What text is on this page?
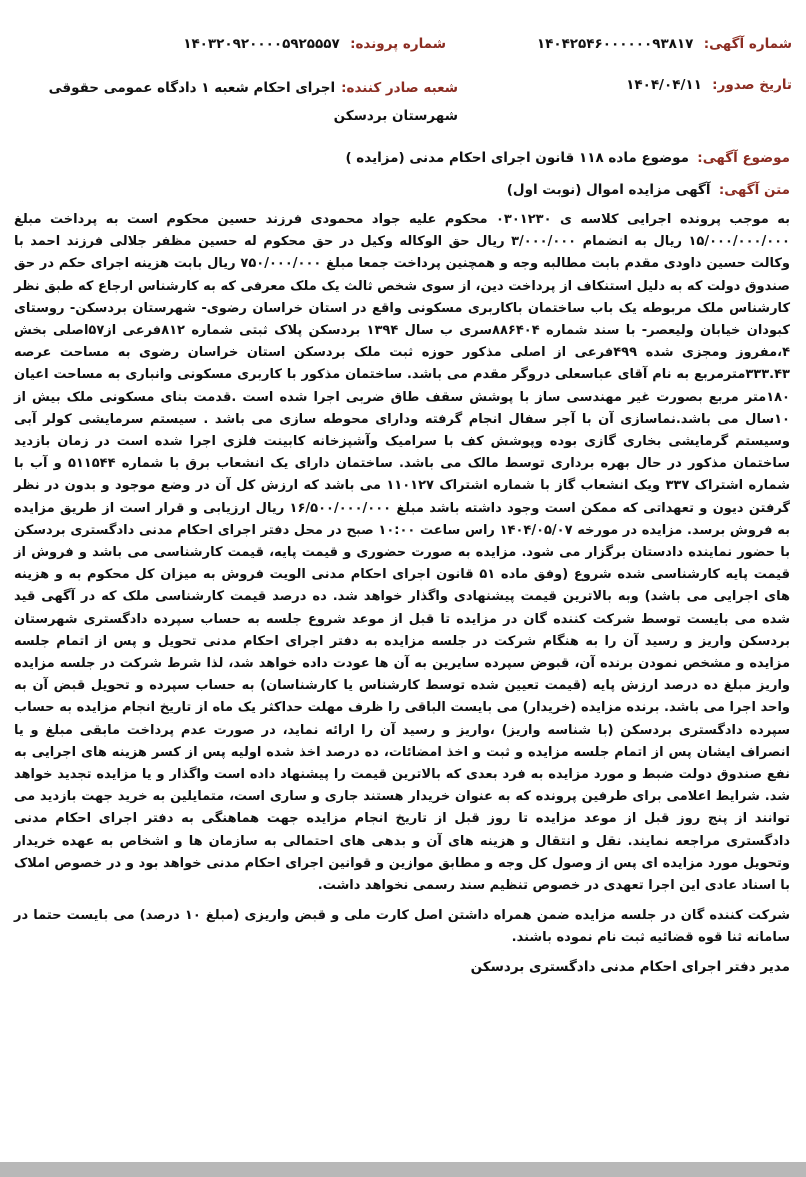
شماره آگهی: ۱۴۰۴۲۵۴۶۰۰۰۰۰۰۹۳۸۱۷
شماره پرونده: ۱۴۰۳۲۰۹۲۰۰۰۰۵۹۲۵۵۵۷
تاریخ صدور: ۱۴۰۴/۰۴/۱۱
شعبه صادر کننده:
اجرای احکام شعبه ۱ دادگاه عمومی حقوقی شهرستان بردسکن
موضوع آگهی: موضوع ماده ۱۱۸ قانون اجرای احکام مدنی (مزایده )
متن آگهی: آگهی مزایده اموال (نوبت اول)

به موجب پرونده اجرایی کلاسه ی ۰۳۰۱۲۳۰ محکوم علیه جواد محمودی فرزند حسین محکوم است به پرداخت مبلغ ۱۵/۰۰۰/۰۰۰/۰۰۰ ریال به انضمام ۳/۰۰۰/۰۰۰ ریال حق الوکاله وکیل در حق محکوم له حسین مظفر جلالی فرزند احمد با وکالت حسین داودی مقدم بابت مطالبه وجه و همچنین پرداخت جمعا مبلغ ۷۵۰/۰۰۰/۰۰۰ ریال بابت هزینه اجرای حکم در حق صندوق دولت که به دلیل استنکاف از پرداخت دین، از سوی شخص ثالث یک ملک معرفی که به کارشناس ارجاع که طبق نظر کارشناس ملک مربوطه یک باب ساختمان باکاربری مسکونی واقع در استان خراسان رضوی- شهرستان بردسکن- روستای کبودان خیابان ولیعصر- با سند شماره ۸۸۶۴۰۴سری ب سال ۱۳۹۴ بردسکن پلاک ثبتی شماره ۸۱۲فرعی از۵۷اصلی بخش ۴،مفروز ومجزی شده ۴۹۹فرعی از اصلی مذکور حوزه ثبت ملک بردسکن استان خراسان رضوی به مساحت عرصه ۳۳۳.۴۳مترمربع به نام آقای عباسعلی دروگر مقدم می باشد. ساختمان مذکور با کاربری مسکونی وانباری به مساحت اعیان ۱۸۰متر مربع بصورت غیر مهندسی ساز با پوشش سقف طاق ضربی اجرا شده است .قدمت بنای مسکونی ملک بیش از ۱۰سال می باشد.نماسازی آن با آجر سفال انجام گرفته ودارای محوطه سازی می باشد . سیستم سرمایشی کولر آبی وسیستم گرمایشی بخاری گازی بوده وپوشش کف با سرامیک وآشپزخانه کابینت فلزی اجرا شده است در زمان بازدید ساختمان مذکور در حال بهره برداری توسط مالک می باشد. ساختمان دارای یک انشعاب برق با شماره ۵۱۱۵۴۴ و آب با شماره اشتراک ۳۳۷ ویک انشعاب گاز با شماره اشتراک ۱۱۰۱۲۷ می باشد که ارزش کل آن در وضع موجود و بدون در نظر گرفتن دیون و تعهداتی که ممکن است وجود داشته باشد مبلغ ۱۶/۵۰۰/۰۰۰/۰۰۰ ریال ارزیابی و قرار است از طریق مزایده به فروش برسد. مزایده در مورخه ۱۴۰۴/۰۵/۰۷ راس ساعت ۱۰:۰۰ صبح در محل دفتر اجرای احکام مدنی دادگستری بردسکن با حضور نماینده دادستان برگزار می شود. مزایده به صورت حضوری و قیمت پایه، قیمت کارشناسی می باشد و فروش از قیمت پایه کارشناسی شده شروع (وفق ماده ۵۱ قانون اجرای احکام مدنی الویت فروش به میزان کل محکوم به و هزینه های اجرایی می باشد) وبه بالاترین قیمت پیشنهادی واگذار خواهد شد. ده درصد قیمت کارشناسی ملک که در آگهی قید شده می بایست توسط شرکت کننده گان در مزایده تا قبل از موعد شروع جلسه به حساب سپرده دادگستری شهرستان بردسکن واریز و رسید آن را به هنگام شرکت در جلسه مزایده به دفتر اجرای احکام مدنی تحویل و پس از اتمام جلسه مزایده و مشخص نمودن برنده آن، قبوض سپرده سایرین به آن ها عودت داده خواهد شد، لذا شرط شرکت در جلسه مزایده واریز مبلغ ده درصد ارزش پایه (قیمت تعیین شده توسط کارشناس یا کارشناسان) به حساب سپرده و تحویل قبض آن به واحد اجرا می باشد. برنده مزایده (خریدار) می بایست الباقی را ظرف مهلت حداکثر یک ماه از تاریخ انجام مزایده به حساب سپرده دادگستری بردسکن (با شناسه واریز) ،واریز و رسید آن را ارائه نماید، در صورت عدم پرداخت مابقی مبلغ و یا انصراف ایشان پس از اتمام جلسه مزایده و ثبت و اخذ امضائات، ده درصد اخذ شده اولیه پس از کسر هزینه های اجرایی به نفع صندوق دولت ضبط و مورد مزایده به فرد بعدی که بالاترین قیمت را پیشنهاد داده است واگذار و یا مزایده تجدید خواهد شد. شرایط اعلامی برای طرفین پرونده که به عنوان خریدار هستند جاری و ساری است، متمایلین به خرید جهت بازدید می توانند از پنج روز قبل از موعد مزایده تا روز قبل از تاریخ انجام مزایده جهت هماهنگی به دفتر اجرای احکام مدنی دادگستری مراجعه نمایند. نقل و انتقال و هزینه های آن و بدهی های احتمالی به سازمان ها و اشخاص به عهده خریدار وتحویل مورد مزایده ای پس از وصول کل وجه و مطابق موازین و قوانین اجرای احکام مدنی خواهد بود و در خصوص املاک با اسناد عادی این اجرا تعهدی در خصوص تنظیم سند رسمی نخواهد داشت.

شرکت کننده گان در جلسه مزایده ضمن همراه داشتن اصل کارت ملی و قبض واریزی (مبلغ ۱۰ درصد) می بایست حتما در سامانه ثنا قوه قضائیه ثبت نام نموده باشند.

مدیر دفتر اجرای احکام مدنی دادگستری بردسکن
